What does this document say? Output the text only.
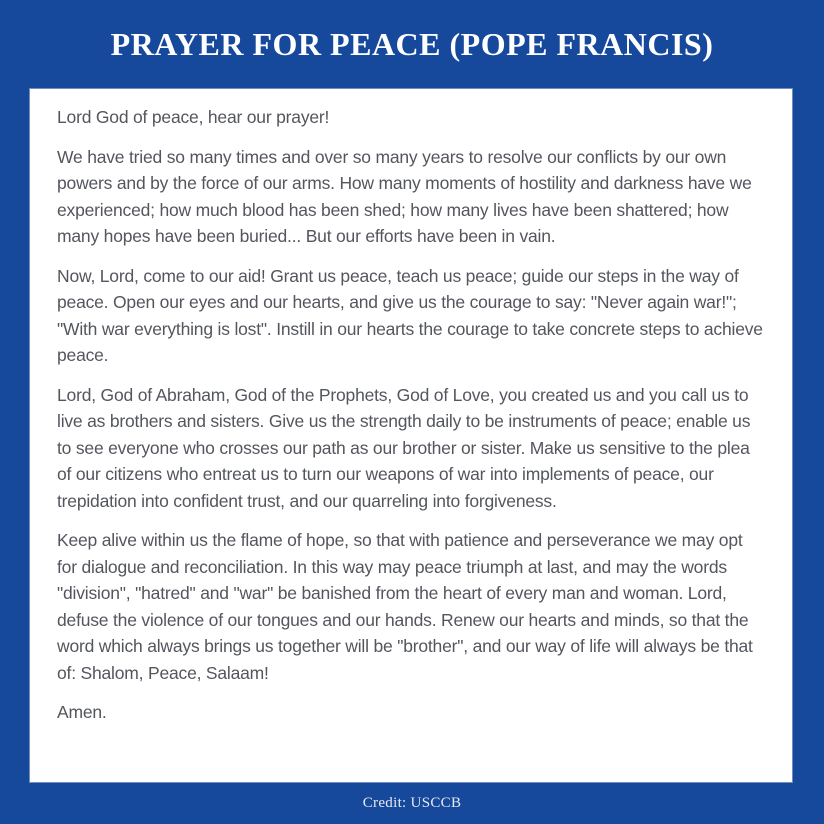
PRAYER FOR PEACE (POPE FRANCIS)

Lord God of peace, hear our prayer!

We have tried so many times and over so many years to resolve our conflicts by our own powers and by the force of our arms. How many moments of hostility and darkness have we experienced; how much blood has been shed; how many lives have been shattered; how many hopes have been buried... But our efforts have been in vain.

Now, Lord, come to our aid! Grant us peace, teach us peace; guide our steps in the way of peace. Open our eyes and our hearts, and give us the courage to say: "Never again war!"; "With war everything is lost". Instill in our hearts the courage to take concrete steps to achieve peace.

Lord, God of Abraham, God of the Prophets, God of Love, you created us and you call us to live as brothers and sisters. Give us the strength daily to be instruments of peace; enable us to see everyone who crosses our path as our brother or sister. Make us sensitive to the plea of our citizens who entreat us to turn our weapons of war into implements of peace, our trepidation into confident trust, and our quarreling into forgiveness.

Keep alive within us the flame of hope, so that with patience and perseverance we may opt for dialogue and reconciliation. In this way may peace triumph at last, and may the words "division", "hatred" and "war" be banished from the heart of every man and woman. Lord, defuse the violence of our tongues and our hands. Renew our hearts and minds, so that the word which always brings us together will be "brother", and our way of life will always be that of: Shalom, Peace, Salaam!

Amen.

Credit: USCCB
